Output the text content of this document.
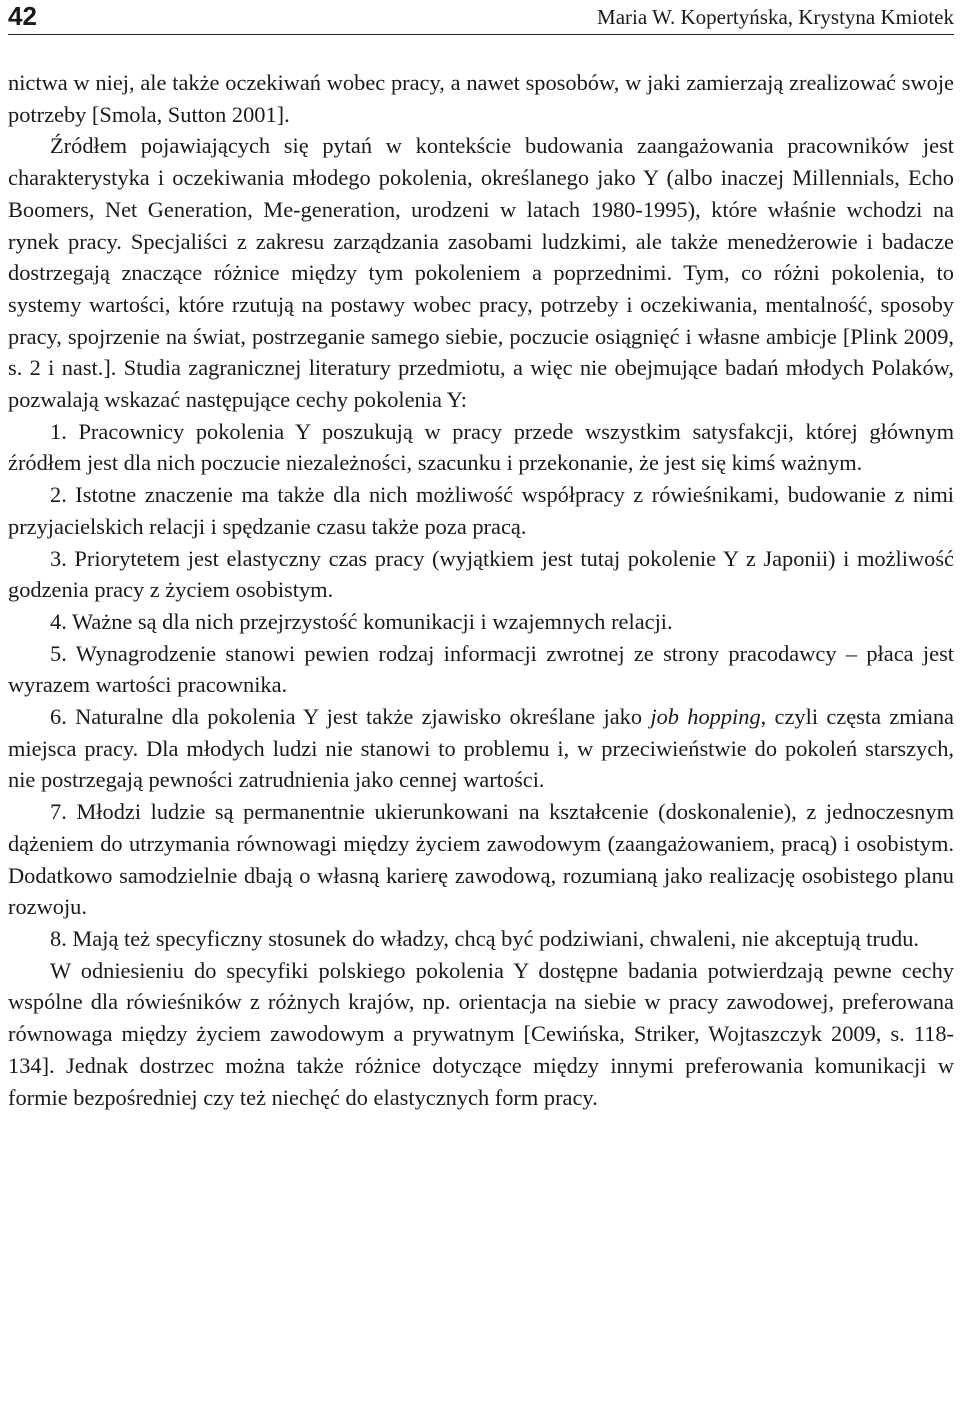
42	Maria W. Kopertyńska, Krystyna Kmiotek

nictwa w niej, ale także oczekiwań wobec pracy, a nawet sposobów, w jaki zamierzają zrealizować swoje potrzeby [Smola, Sutton 2001].

Źródłem pojawiających się pytań w kontekście budowania zaangażowania pracowników jest charakterystyka i oczekiwania młodego pokolenia, określanego jako Y (albo inaczej Millennials, Echo Boomers, Net Generation, Me-generation, urodzeni w latach 1980-1995), które właśnie wchodzi na rynek pracy. Specjaliści z zakresu zarządzania zasobami ludzkimi, ale także menedżerowie i badacze dostrzegają znaczące różnice między tym pokoleniem a poprzednimi. Tym, co różni pokolenia, to systemy wartości, które rzutują na postawy wobec pracy, potrzeby i oczekiwania, mentalność, sposoby pracy, spojrzenie na świat, postrzeganie samego siebie, poczucie osiągnięć i własne ambicje [Plink 2009, s. 2 i nast.]. Studia zagranicznej literatury przedmiotu, a więc nie obejmujące badań młodych Polaków, pozwalają wskazać następujące cechy pokolenia Y:

1. Pracownicy pokolenia Y poszukują w pracy przede wszystkim satysfakcji, której głównym źródłem jest dla nich poczucie niezależności, szacunku i przekonanie, że jest się kimś ważnym.

2. Istotne znaczenie ma także dla nich możliwość współpracy z rówieśnikami, budowanie z nimi przyjacielskich relacji i spędzanie czasu także poza pracą.

3. Priorytetem jest elastyczny czas pracy (wyjątkiem jest tutaj pokolenie Y z Japonii) i możliwość godzenia pracy z życiem osobistym.

4. Ważne są dla nich przejrzystość komunikacji i wzajemnych relacji.

5. Wynagrodzenie stanowi pewien rodzaj informacji zwrotnej ze strony pracodawcy – płaca jest wyrazem wartości pracownika.

6. Naturalne dla pokolenia Y jest także zjawisko określane jako job hopping, czyli częsta zmiana miejsca pracy. Dla młodych ludzi nie stanowi to problemu i, w przeciwieństwie do pokoleń starszych, nie postrzegają pewności zatrudnienia jako cennej wartości.

7. Młodzi ludzie są permanentnie ukierunkowani na kształcenie (doskonalenie), z jednoczesnym dążeniem do utrzymania równowagi między życiem zawodowym (zaangażowaniem, pracą) i osobistym. Dodatkowo samodzielnie dbają o własną karierę zawodową, rozumianą jako realizację osobistego planu rozwoju.

8. Mają też specyficzny stosunek do władzy, chcą być podziwiani, chwaleni, nie akceptują trudu.

W odniesieniu do specyfiki polskiego pokolenia Y dostępne badania potwierdzają pewne cechy wspólne dla rówieśników z różnych krajów, np. orientacja na siebie w pracy zawodowej, preferowana równowaga między życiem zawodowym a prywatnym [Cewińska, Striker, Wojtaszczyk 2009, s. 118-134]. Jednak dostrzec można także różnice dotyczące między innymi preferowania komunikacji w formie bezpośredniej czy też niechęć do elastycznych form pracy.
